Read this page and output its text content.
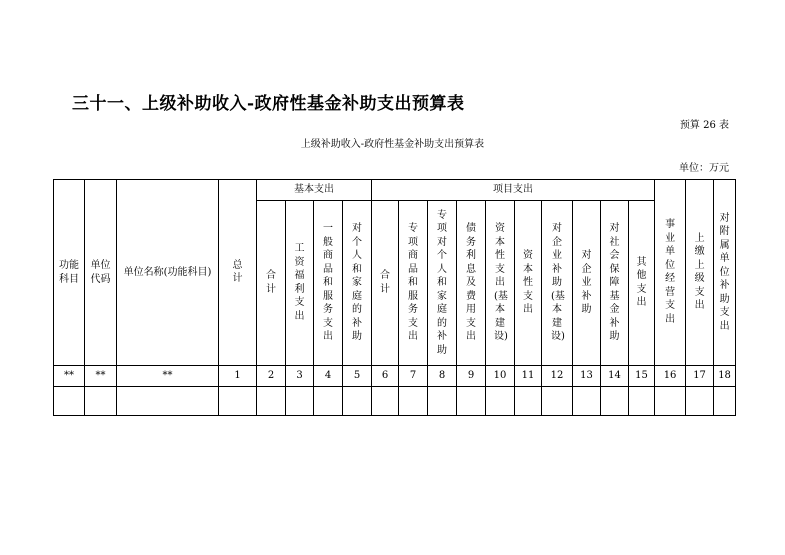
三十一、上级补助收入-政府性基金补助支出预算表
预算 26 表
上级补助收入-政府性基金补助支出预算表
单位：万元
功能科目	单位代码	单位名称(功能科目)	总计	基本支出				项目支出										事业单位经营支出	上缴上级支出	对附属单位补助支出
				合计	工资福利支出	一般商品和服务支出	对个人和家庭的补助	合计	专项商品和服务支出	专项对个人和家庭的补助	债务利息及费用支出	资本性支出(基本建设)	资本性支出	对企业补助(基本建设)	对企业补助	对社会保障基金补助	其他支出			
**	**	**	1	2	3	4	5	6	7	8	9	10	11	12	13	14	15	16	17	18
